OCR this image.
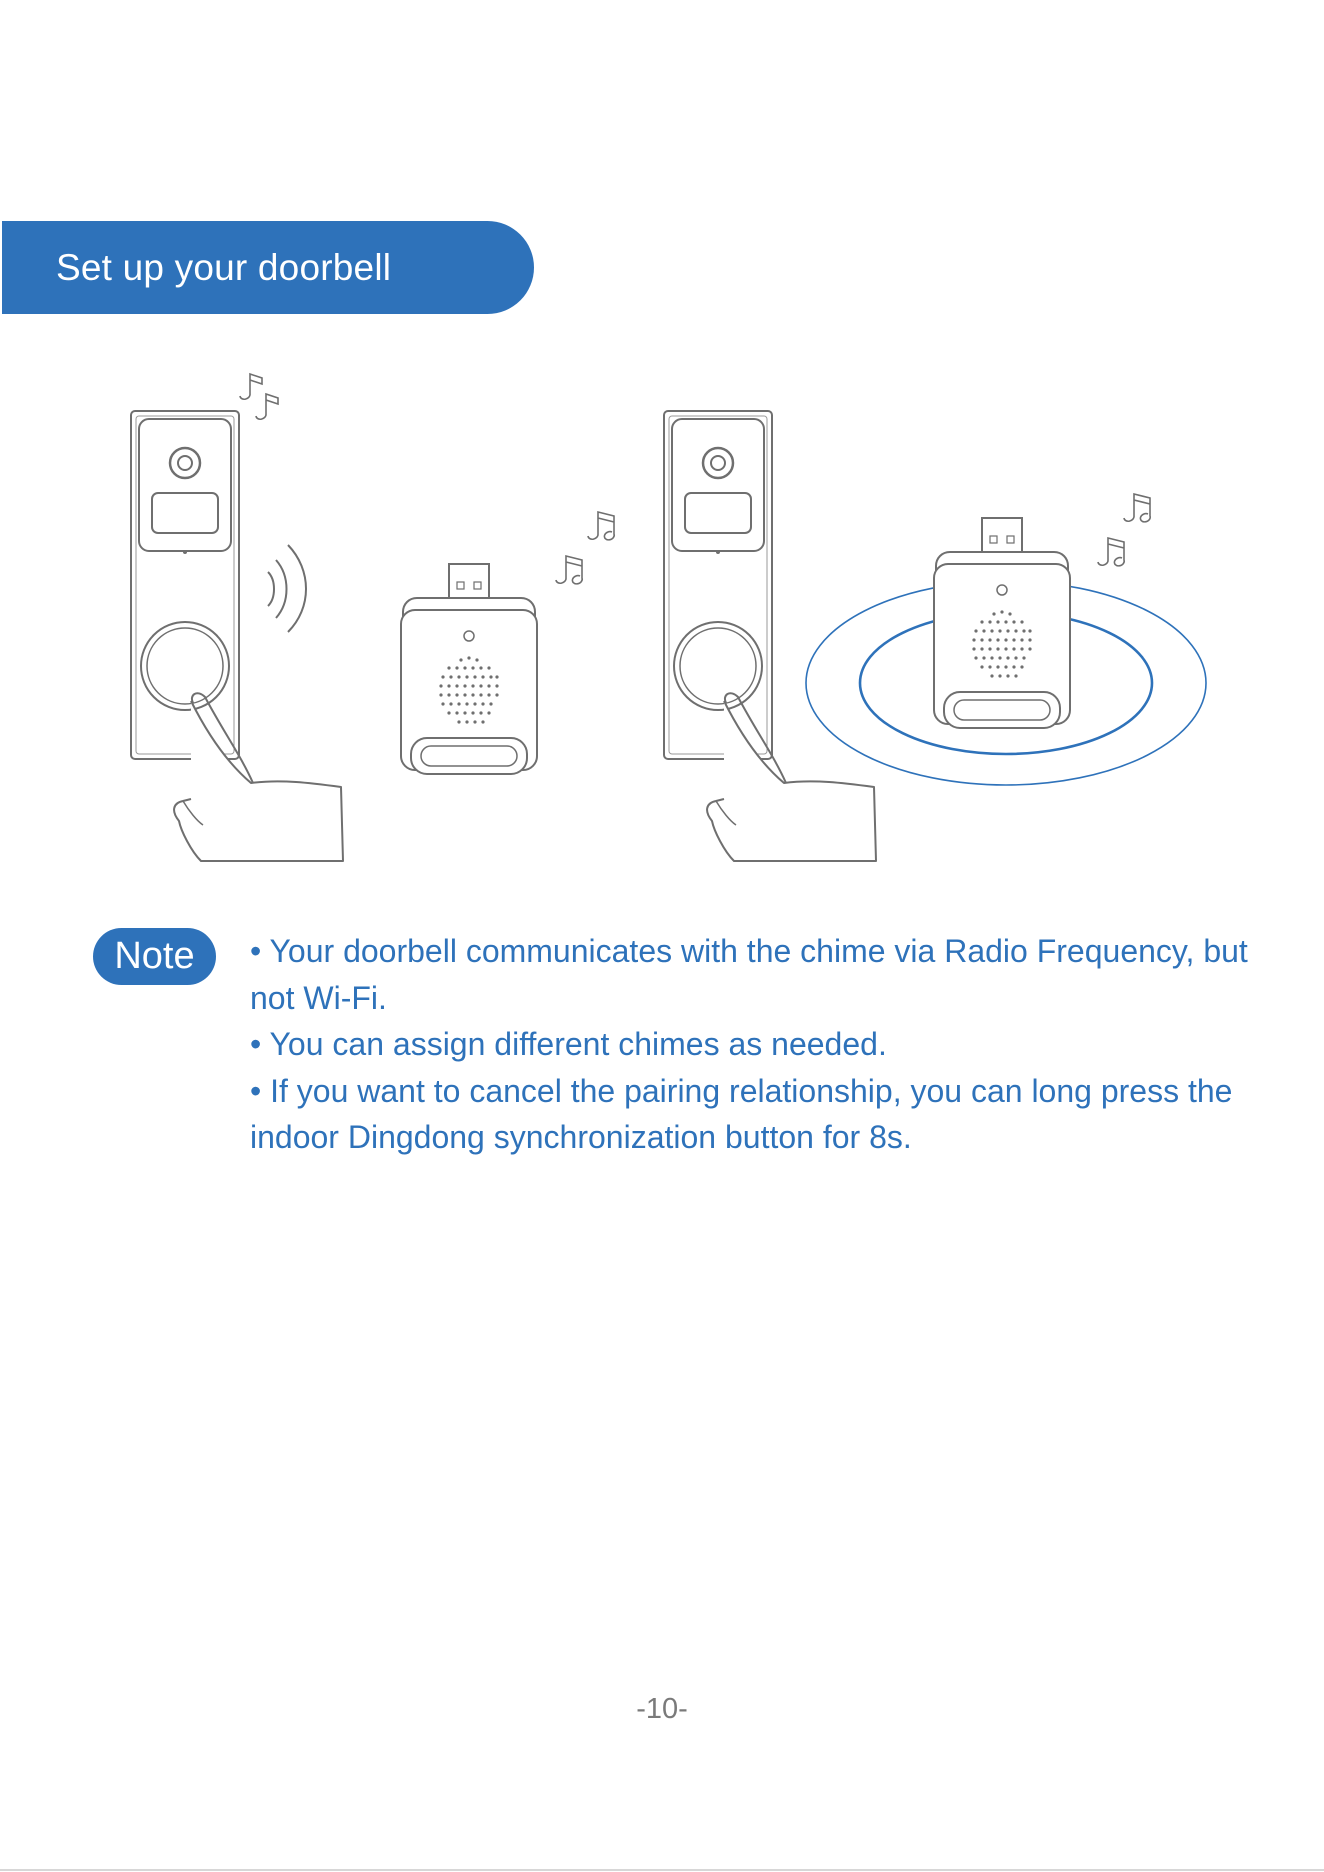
Set up your doorbell
Note • Your doorbell communicates with the chime via Radio Frequency, but not Wi-Fi.

• You can assign different chimes as needed.

• If you want to cancel the pairing relationship, you can long press the indoor Dingdong synchronization button for 8s.

-10-
